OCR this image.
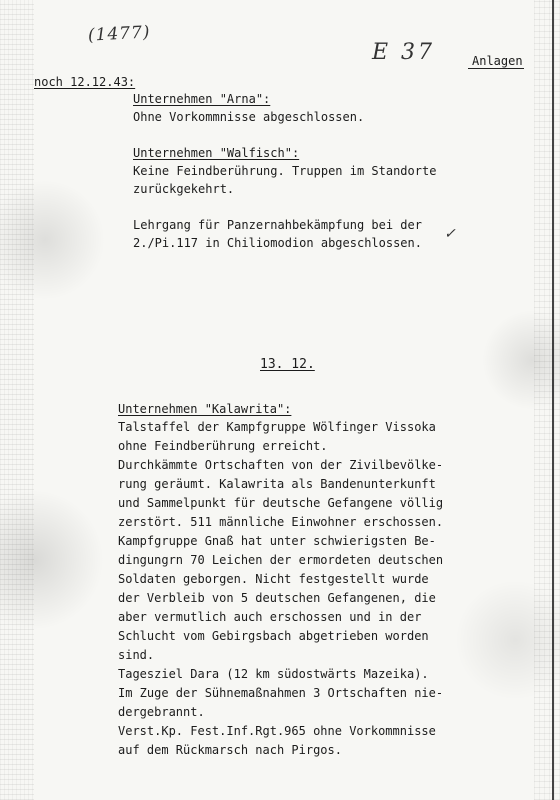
(1477)
E 37	Anlagen
noch 12.12.43:
Unternehmen "Arna":
Ohne Vorkommnisse abgeschlossen.
Unternehmen "Walfisch":
Keine Feindberührung. Truppen im Standorte
zurückgekehrt.
Lehrgang für Panzernahbekämpfung bei der
2./Pi.117 in Chiliomodion abgeschlossen.
✓
13. 12.
Unternehmen "Kalawrita":
Talstaffel der Kampfgruppe Wölfinger Vissoka
ohne Feindberührung erreicht.
Durchkämmte Ortschaften von der Zivilbevölke-
rung geräumt. Kalawrita als Bandenunterkunft
und Sammelpunkt für deutsche Gefangene völlig
zerstört. 511 männliche Einwohner erschossen.
Kampfgruppe Gnaß hat unter schwierigsten Be-
dingungrn 70 Leichen der ermordeten deutschen
Soldaten geborgen. Nicht festgestellt wurde
der Verbleib von 5 deutschen Gefangenen, die
aber vermutlich auch erschossen und in der
Schlucht vom Gebirgsbach abgetrieben worden
sind.
Tagesziel Dara (12 km südostwärts Mazeika).
Im Zuge der Sühnemaßnahmen 3 Ortschaften nie-
dergebrannt.
Verst.Kp. Fest.Inf.Rgt.965 ohne Vorkommnisse
auf dem Rückmarsch nach Pirgos.
